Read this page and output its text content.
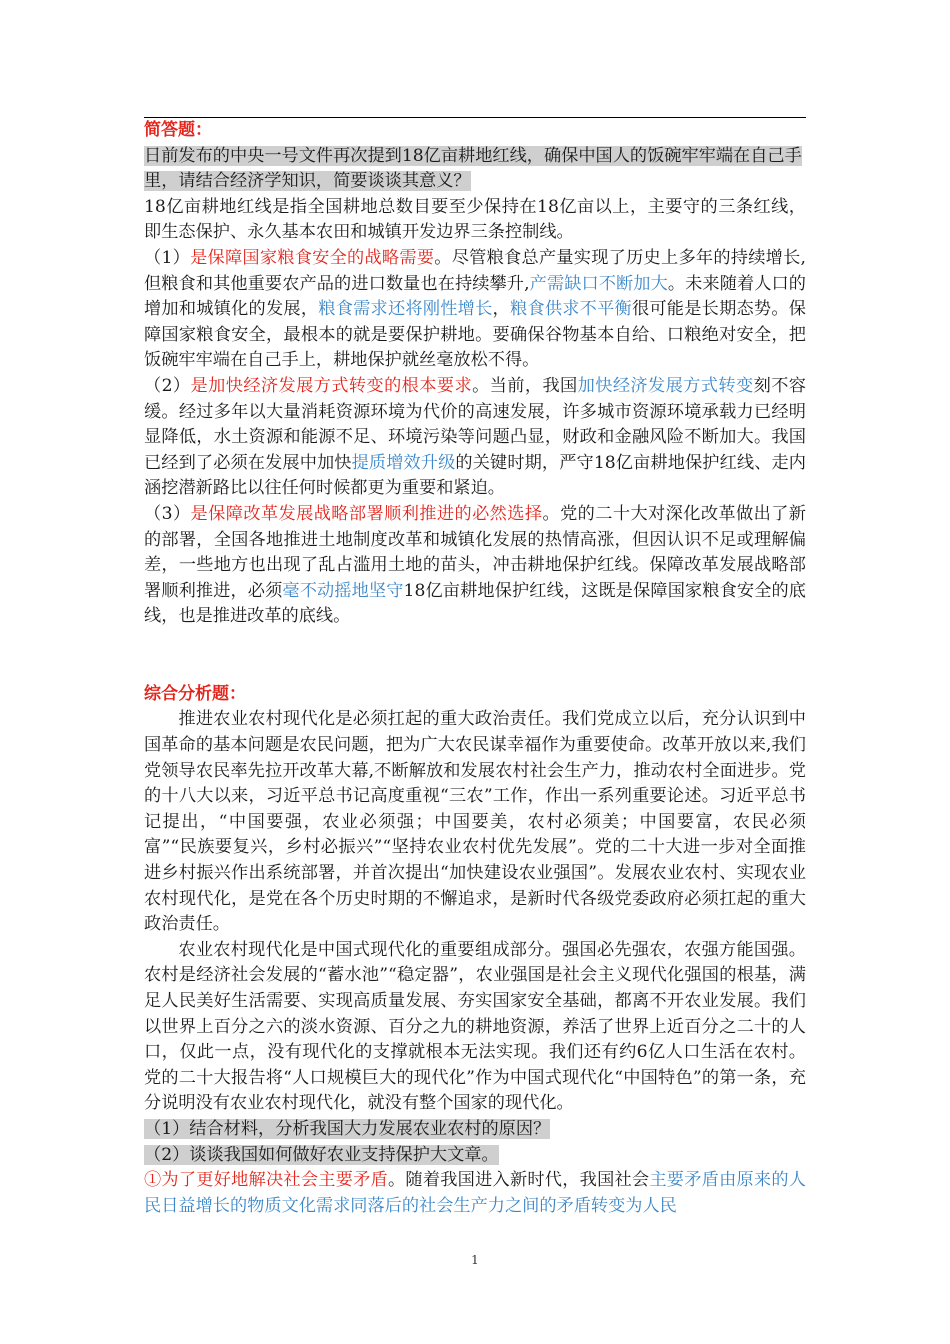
简答题：

日前发布的中央一号文件再次提到18亿亩耕地红线，确保中国人的饭碗牢牢端在自己手里，请结合经济学知识，简要谈谈其意义？

18亿亩耕地红线是指全国耕地总数目要至少保持在18亿亩以上，主要守的三条红线，即生态保护、永久基本农田和城镇开发边界三条控制线。

（1）是保障国家粮食安全的战略需要。尽管粮食总产量实现了历史上多年的持续增长,但粮食和其他重要农产品的进口数量也在持续攀升,产需缺口不断加大。未来随着人口的增加和城镇化的发展，粮食需求还将刚性增长，粮食供求不平衡很可能是长期态势。保障国家粮食安全，最根本的就是要保护耕地。要确保谷物基本自给、口粮绝对安全，把饭碗牢牢端在自己手上，耕地保护就丝毫放松不得。

（2）是加快经济发展方式转变的根本要求。当前，我国加快经济发展方式转变刻不容缓。经过多年以大量消耗资源环境为代价的高速发展，许多城市资源环境承载力已经明显降低，水土资源和能源不足、环境污染等问题凸显，财政和金融风险不断加大。我国已经到了必须在发展中加快提质增效升级的关键时期，严守18亿亩耕地保护红线、走内涵挖潜新路比以往任何时候都更为重要和紧迫。

（3）是保障改革发展战略部署顺利推进的必然选择。党的二十大对深化改革做出了新的部署，全国各地推进土地制度改革和城镇化发展的热情高涨，但因认识不足或理解偏差，一些地方也出现了乱占滥用土地的苗头，冲击耕地保护红线。保障改革发展战略部署顺利推进，必须毫不动摇地坚守18亿亩耕地保护红线，这既是保障国家粮食安全的底线，也是推进改革的底线。

综合分析题：

推进农业农村现代化是必须扛起的重大政治责任。我们党成立以后，充分认识到中国革命的基本问题是农民问题，把为广大农民谋幸福作为重要使命。改革开放以来,我们党领导农民率先拉开改革大幕,不断解放和发展农村社会生产力，推动农村全面进步。党的十八大以来，习近平总书记高度重视“三农”工作，作出一系列重要论述。习近平总书记提出，“中国要强，农业必须强；中国要美，农村必须美；中国要富，农民必须富”“民族要复兴，乡村必振兴”“坚持农业农村优先发展”。党的二十大进一步对全面推进乡村振兴作出系统部署，并首次提出“加快建设农业强国”。发展农业农村、实现农业农村现代化，是党在各个历史时期的不懈追求，是新时代各级党委政府必须扛起的重大政治责任。

农业农村现代化是中国式现代化的重要组成部分。强国必先强农，农强方能国强。农村是经济社会发展的“蓄水池”“稳定器”，农业强国是社会主义现代化强国的根基，满足人民美好生活需要、实现高质量发展、夯实国家安全基础，都离不开农业发展。我们以世界上百分之六的淡水资源、百分之九的耕地资源，养活了世界上近百分之二十的人口，仅此一点，没有现代化的支撑就根本无法实现。我们还有约6亿人口生活在农村。党的二十大报告将“人口规模巨大的现代化”作为中国式现代化“中国特色”的第一条，充分说明没有农业农村现代化，就没有整个国家的现代化。

（1）结合材料，分析我国大力发展农业农村的原因？

（2）谈谈我国如何做好农业支持保护大文章。

①为了更好地解决社会主要矛盾。随着我国进入新时代，我国社会主要矛盾由原来的人民日益增长的物质文化需求同落后的社会生产力之间的矛盾转变为人民

1
